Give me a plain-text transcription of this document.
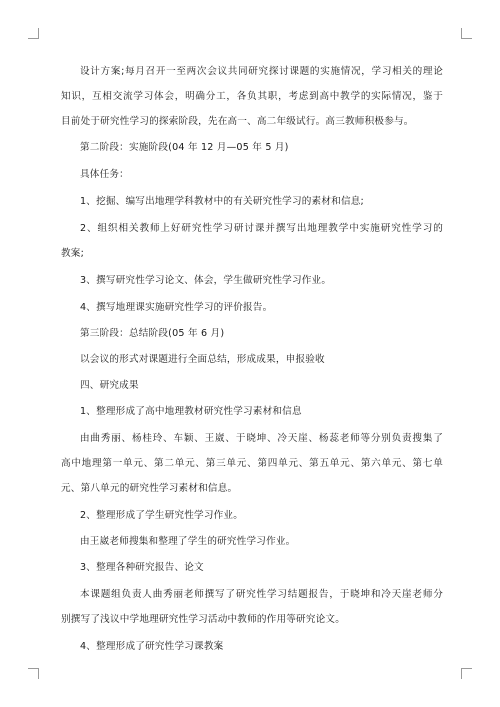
设计方案;每月召开一至两次会议共同研究探讨课题的实施情况，学习相关的理论
知识，互相交流学习体会，明确分工，各负其职，考虑到高中教学的实际情况，鉴于
目前处于研究性学习的探索阶段，先在高一、高二年级试行。高三教师积极参与。
第二阶段：实施阶段(04 年 12 月—05 年 5 月)
具体任务：
1、挖掘、编写出地理学科教材中的有关研究性学习的素材和信息;
2、组织相关教师上好研究性学习研讨课并撰写出地理教学中实施研究性学习的
教案;
3、撰写研究性学习论文、体会，学生做研究性学习作业。
4、撰写地理课实施研究性学习的评价报告。
第三阶段：总结阶段(05 年 6 月)
以会议的形式对课题进行全面总结，形成成果，申报验收
四、研究成果
1、整理形成了高中地理教材研究性学习素材和信息
由曲秀丽、杨桂玲、车颖、王崴、于晓坤、冷天崖、杨蕊老师等分别负责搜集了
高中地理第一单元、第二单元、第三单元、第四单元、第五单元、第六单元、第七单
元、第八单元的研究性学习素材和信息。
2、整理形成了学生研究性学习作业。
由王崴老师搜集和整理了学生的研究性学习作业。
3、整理各种研究报告、论文
本课题组负责人曲秀丽老师撰写了研究性学习结题报告，于晓坤和冷天崖老师分
别撰写了浅议中学地理研究性学习活动中教师的作用等研究论文。
4、整理形成了研究性学习课教案
